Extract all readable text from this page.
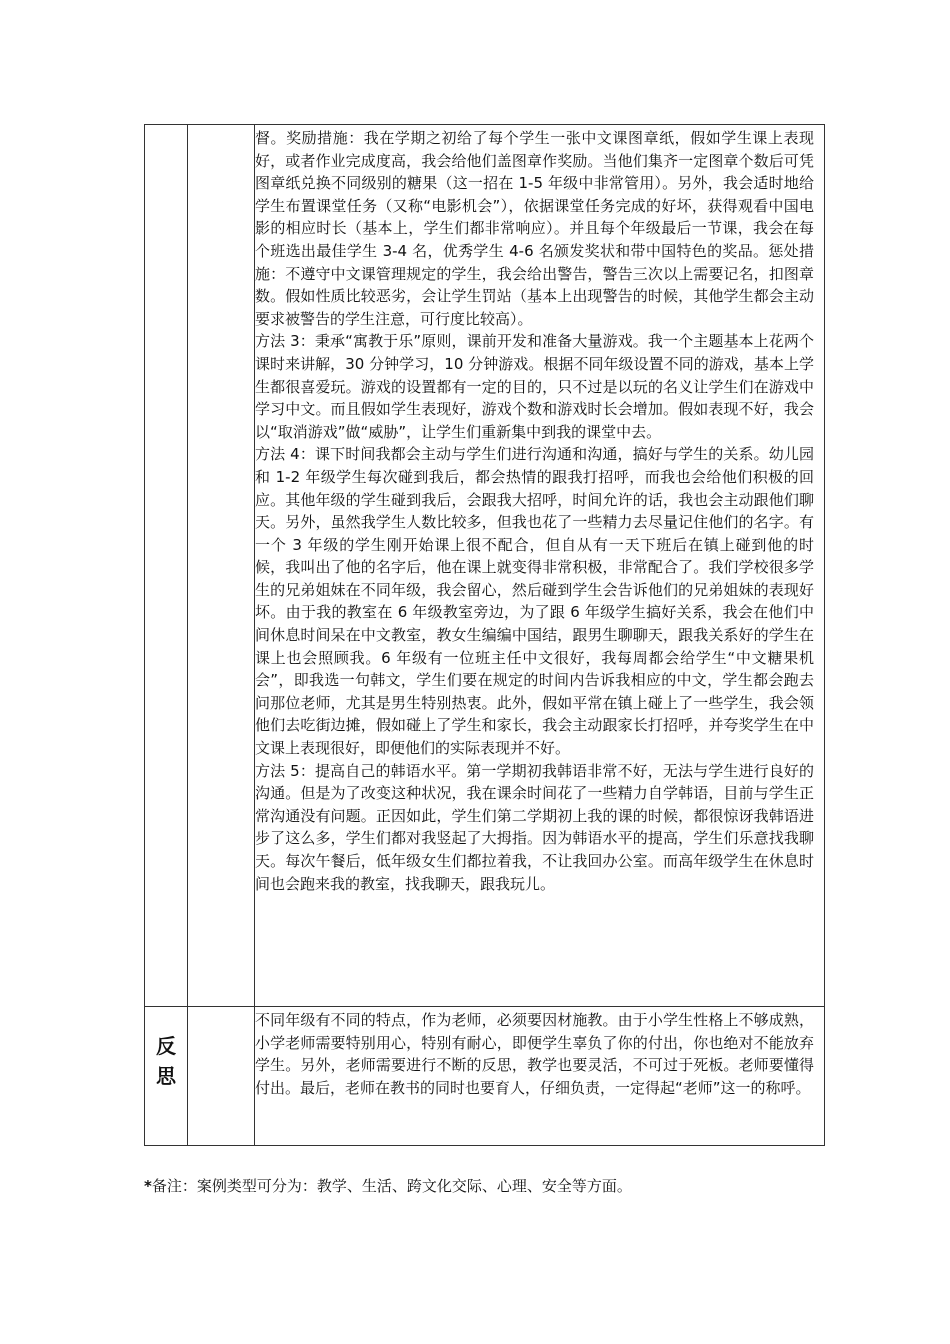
		督。奖励措施：我在学期之初给了每个学生一张中文课图章纸，假如学生课上表现好，或者作业完成度高，我会给他们盖图章作奖励。当他们集齐一定图章个数后可凭图章纸兑换不同级别的糖果（这一招在 1-5 年级中非常管用）。另外，我会适时地给学生布置课堂任务（又称“电影机会”），依据课堂任务完成的好坏，获得观看中国电影的相应时长（基本上，学生们都非常响应）。并且每个年级最后一节课，我会在每个班选出最佳学生 3-4 名，优秀学生 4-6 名颁发奖状和带中国特色的奖品。惩处措施：不遵守中文课管理规定的学生，我会给出警告，警告三次以上需要记名，扣图章数。假如性质比较恶劣，会让学生罚站（基本上出现警告的时候，其他学生都会主动要求被警告的学生注意，可行度比较高）。

方法 3：秉承“寓教于乐”原则，课前开发和准备大量游戏。我一个主题基本上花两个课时来讲解，30 分钟学习，10 分钟游戏。根据不同年级设置不同的游戏，基本上学生都很喜爱玩。游戏的设置都有一定的目的，只不过是以玩的名义让学生们在游戏中学习中文。而且假如学生表现好，游戏个数和游戏时长会增加。假如表现不好，我会以“取消游戏”做“威胁”，让学生们重新集中到我的课堂中去。

方法 4：课下时间我都会主动与学生们进行沟通和沟通，搞好与学生的关系。幼儿园和 1-2 年级学生每次碰到我后，都会热情的跟我打招呼，而我也会给他们积极的回应。其他年级的学生碰到我后，会跟我大招呼，时间允许的话，我也会主动跟他们聊天。另外，虽然我学生人数比较多，但我也花了一些精力去尽量记住他们的名字。有一个 3 年级的学生刚开始课上很不配合，但自从有一天下班后在镇上碰到他的时候，我叫出了他的名字后，他在课上就变得非常积极，非常配合了。我们学校很多学生的兄弟姐妹在不同年级，我会留心，然后碰到学生会告诉他们的兄弟姐妹的表现好坏。由于我的教室在 6 年级教室旁边，为了跟 6 年级学生搞好关系，我会在他们中间休息时间呆在中文教室，教女生编编中国结，跟男生聊聊天，跟我关系好的学生在课上也会照顾我。6 年级有一位班主任中文很好，我每周都会给学生“中文糖果机会”，即我选一句韩文，学生们要在规定的时间内告诉我相应的中文，学生都会跑去问那位老师，尤其是男生特别热衷。此外，假如平常在镇上碰上了一些学生，我会领他们去吃街边摊，假如碰上了学生和家长，我会主动跟家长打招呼，并夸奖学生在中文课上表现很好，即便他们的实际表现并不好。

方法 5：提高自己的韩语水平。第一学期初我韩语非常不好，无法与学生进行良好的沟通。但是为了改变这种状况，我在课余时间花了一些精力自学韩语，目前与学生正常沟通没有问题。正因如此，学生们第二学期初上我的课的时候，都很惊讶我韩语进步了这么多，学生们都对我竖起了大拇指。因为韩语水平的提高，学生们乐意找我聊天。每次午餐后，低年级女生们都拉着我，不让我回办公室。而高年级学生在休息时间也会跑来我的教室，找我聊天，跟我玩儿。

反
思		不同年级有不同的特点，作为老师，必须要因材施教。由于小学生性格上不够成熟，小学老师需要特别用心，特别有耐心，即便学生辜负了你的付出，你也绝对不能放弃学生。另外，老师需要进行不断的反思，教学也要灵活，不可过于死板。老师要懂得付出。最后，老师在教书的同时也要育人，仔细负责，一定得起“老师”这一的称呼。

*备注：案例类型可分为：教学、生活、跨文化交际、心理、安全等方面。
